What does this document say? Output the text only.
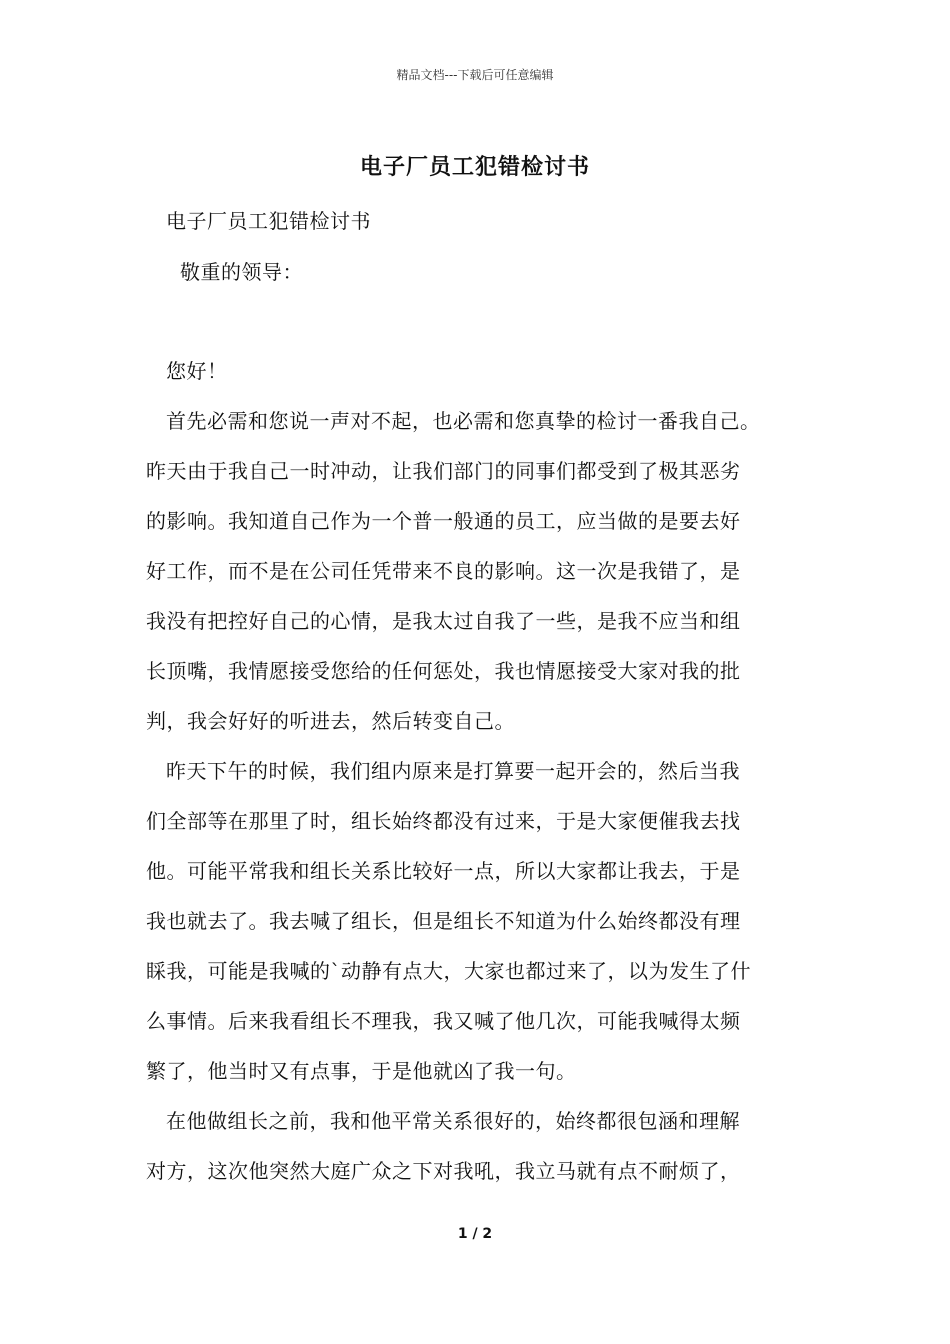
精品文档---下载后可任意编辑
电子厂员工犯错检讨书
电子厂员工犯错检讨书
敬重的领导：
您好！
首先必需和您说一声对不起，也必需和您真挚的检讨一番我自己。
昨天由于我自己一时冲动，让我们部门的同事们都受到了极其恶劣
的影响。我知道自己作为一个普一般通的员工，应当做的是要去好
好工作，而不是在公司任凭带来不良的影响。这一次是我错了，是
我没有把控好自己的心情，是我太过自我了一些，是我不应当和组
长顶嘴，我情愿接受您给的任何惩处，我也情愿接受大家对我的批
判，我会好好的听进去，然后转变自己。
昨天下午的时候，我们组内原来是打算要一起开会的，然后当我
们全部等在那里了时，组长始终都没有过来，于是大家便催我去找
他。可能平常我和组长关系比较好一点，所以大家都让我去，于是
我也就去了。我去喊了组长，但是组长不知道为什么始终都没有理
睬我，可能是我喊的`动静有点大，大家也都过来了，以为发生了什
么事情。后来我看组长不理我，我又喊了他几次，可能我喊得太频
繁了，他当时又有点事，于是他就凶了我一句。
在他做组长之前，我和他平常关系很好的，始终都很包涵和理解
对方，这次他突然大庭广众之下对我吼，我立马就有点不耐烦了，
1 / 2
